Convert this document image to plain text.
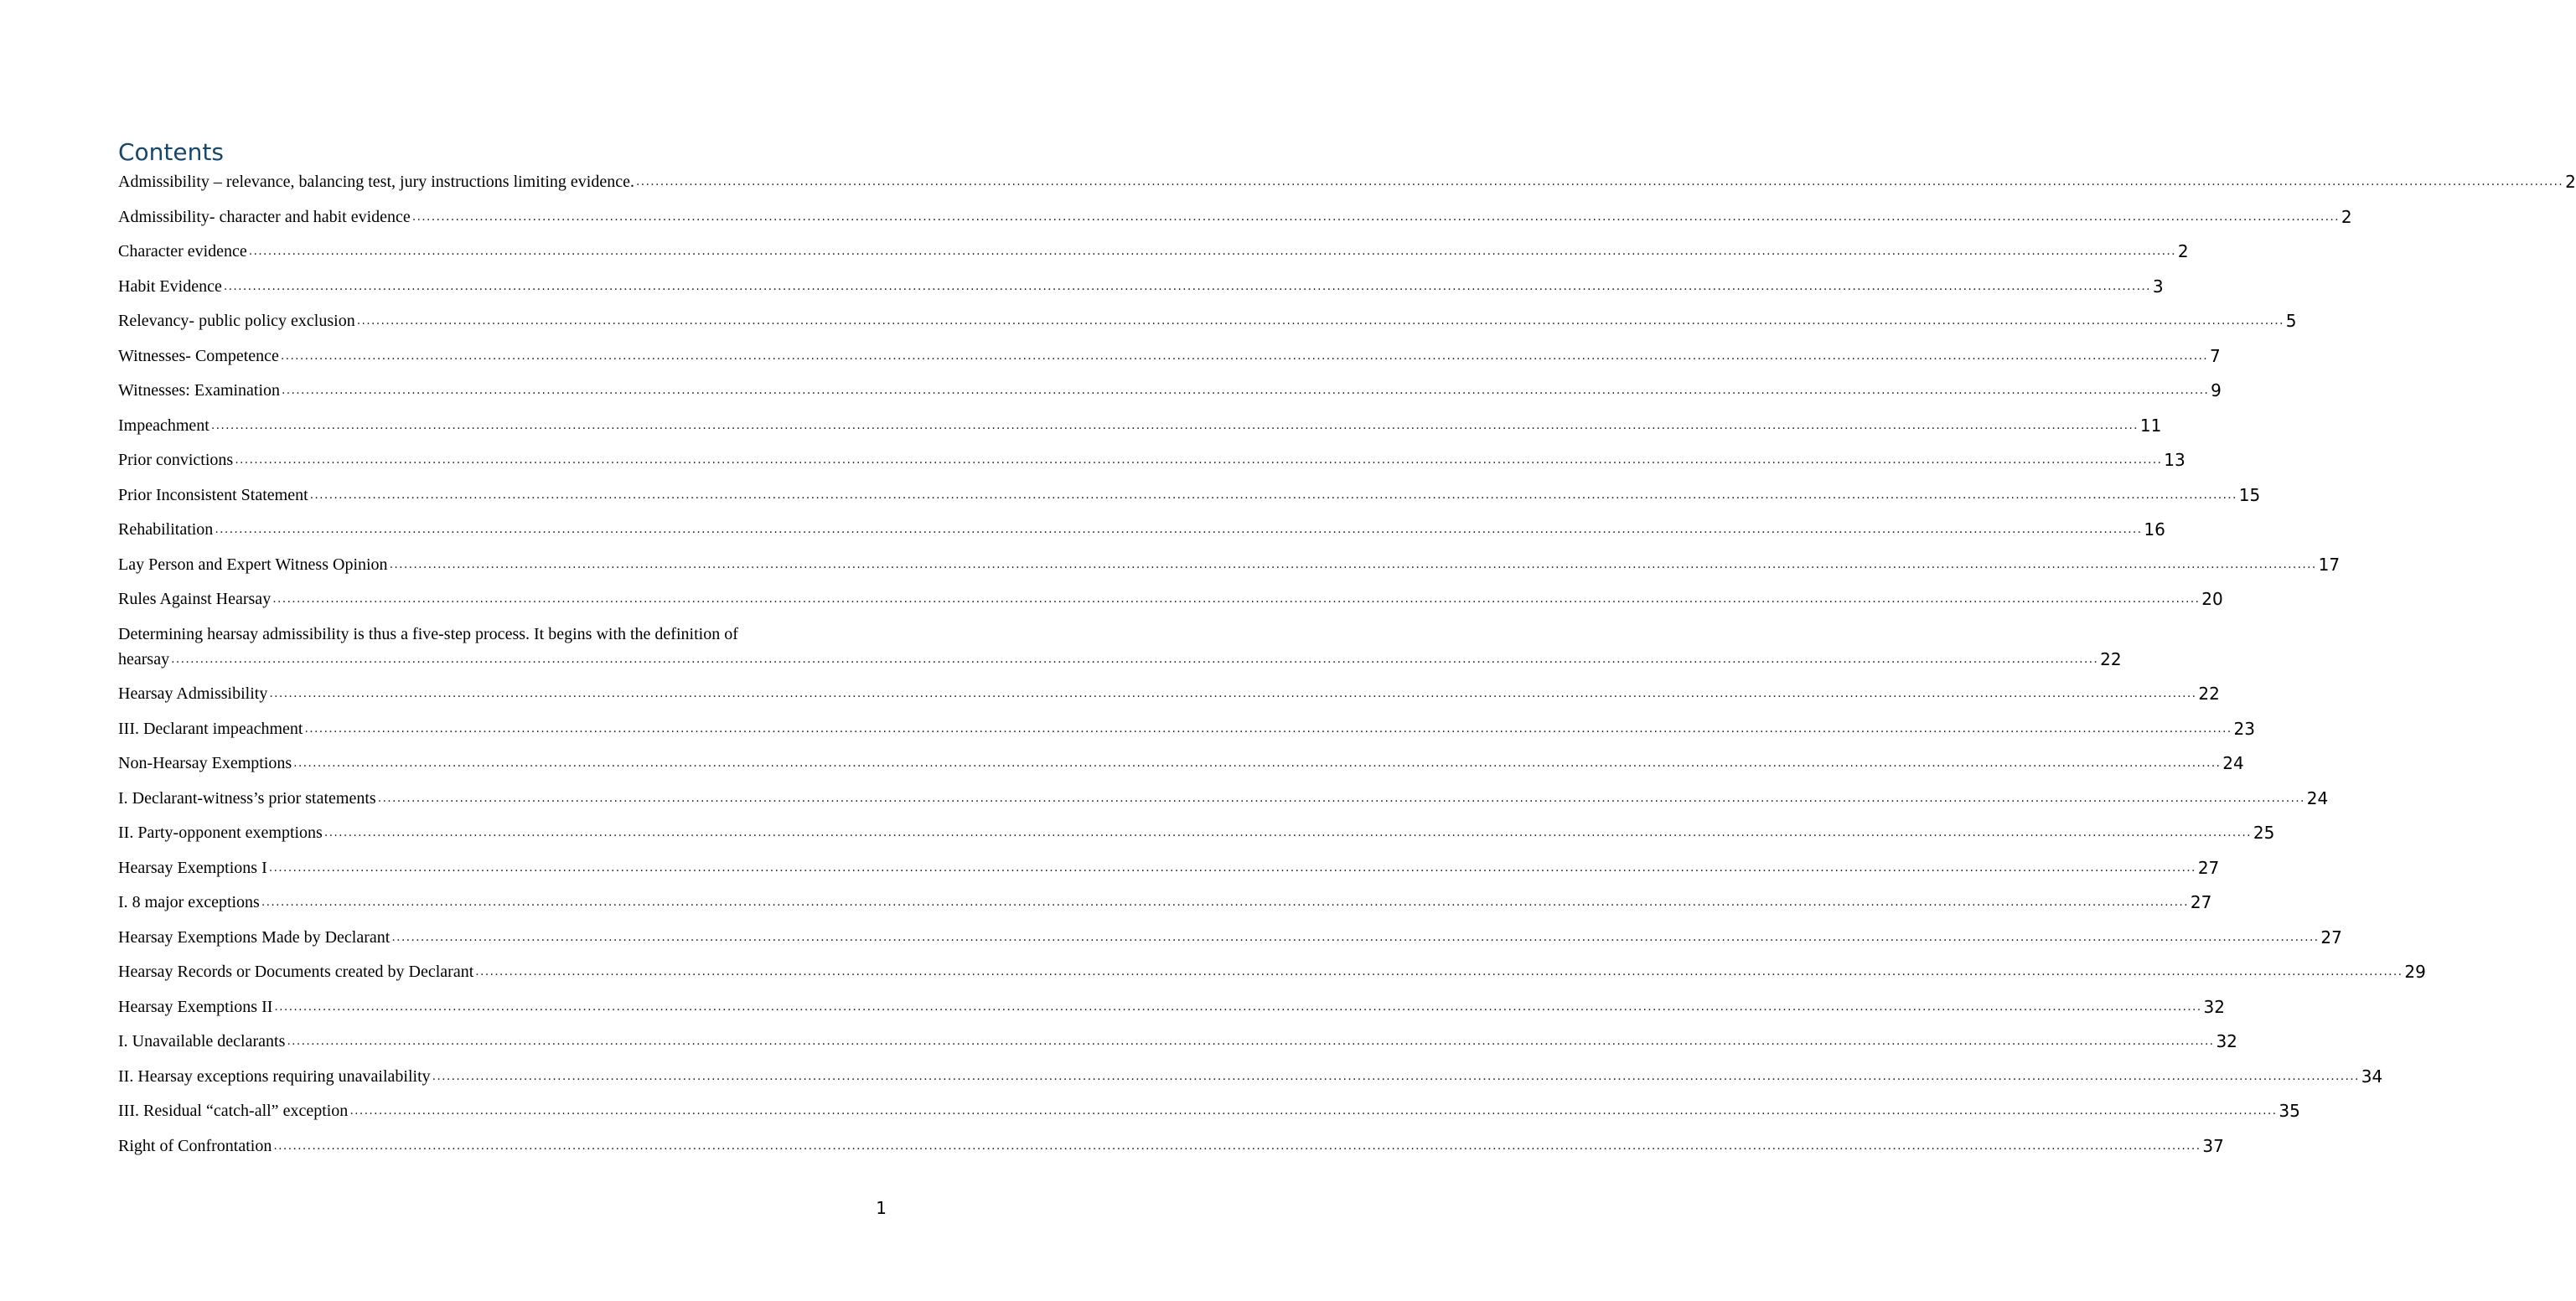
Contents
Admissibility – relevance, balancing test, jury instructions limiting evidence. ................................................................................................................................................................................................................................................................................................................................................................................................................ 2
Admissibility- character and habit evidence ................................................................................................................................................................................................................................................................................................................................................................................................................ 2
Character evidence ................................................................................................................................................................................................................................................................................................................................................................................................................ 2
Habit Evidence ................................................................................................................................................................................................................................................................................................................................................................................................................ 3
Relevancy- public policy exclusion ................................................................................................................................................................................................................................................................................................................................................................................................................ 5
Witnesses- Competence ................................................................................................................................................................................................................................................................................................................................................................................................................ 7
Witnesses: Examination ................................................................................................................................................................................................................................................................................................................................................................................................................ 9
Impeachment ................................................................................................................................................................................................................................................................................................................................................................................................................ 11
Prior convictions ................................................................................................................................................................................................................................................................................................................................................................................................................ 13
Prior Inconsistent Statement ................................................................................................................................................................................................................................................................................................................................................................................................................ 15
Rehabilitation ................................................................................................................................................................................................................................................................................................................................................................................................................ 16
Lay Person and Expert Witness Opinion ................................................................................................................................................................................................................................................................................................................................................................................................................ 17
Rules Against Hearsay ................................................................................................................................................................................................................................................................................................................................................................................................................ 20
Determining hearsay admissibility is thus a five-step process. It begins with the definition of
hearsay ................................................................................................................................................................................................................................................................................................................................................................................................................ 22
Hearsay Admissibility ................................................................................................................................................................................................................................................................................................................................................................................................................ 22
III. Declarant impeachment ................................................................................................................................................................................................................................................................................................................................................................................................................ 23
Non-Hearsay Exemptions ................................................................................................................................................................................................................................................................................................................................................................................................................ 24
I. Declarant-witness’s prior statements ................................................................................................................................................................................................................................................................................................................................................................................................................ 24
II. Party-opponent exemptions ................................................................................................................................................................................................................................................................................................................................................................................................................ 25
Hearsay Exemptions I ................................................................................................................................................................................................................................................................................................................................................................................................................ 27
I. 8 major exceptions ................................................................................................................................................................................................................................................................................................................................................................................................................ 27
Hearsay Exemptions Made by Declarant ................................................................................................................................................................................................................................................................................................................................................................................................................ 27
Hearsay Records or Documents created by Declarant ................................................................................................................................................................................................................................................................................................................................................................................................................ 29
Hearsay Exemptions II ................................................................................................................................................................................................................................................................................................................................................................................................................ 32
I. Unavailable declarants ................................................................................................................................................................................................................................................................................................................................................................................................................ 32
II. Hearsay exceptions requiring unavailability ................................................................................................................................................................................................................................................................................................................................................................................................................ 34
III. Residual “catch-all” exception ................................................................................................................................................................................................................................................................................................................................................................................................................ 35
Right of Confrontation ................................................................................................................................................................................................................................................................................................................................................................................................................ 37
1
